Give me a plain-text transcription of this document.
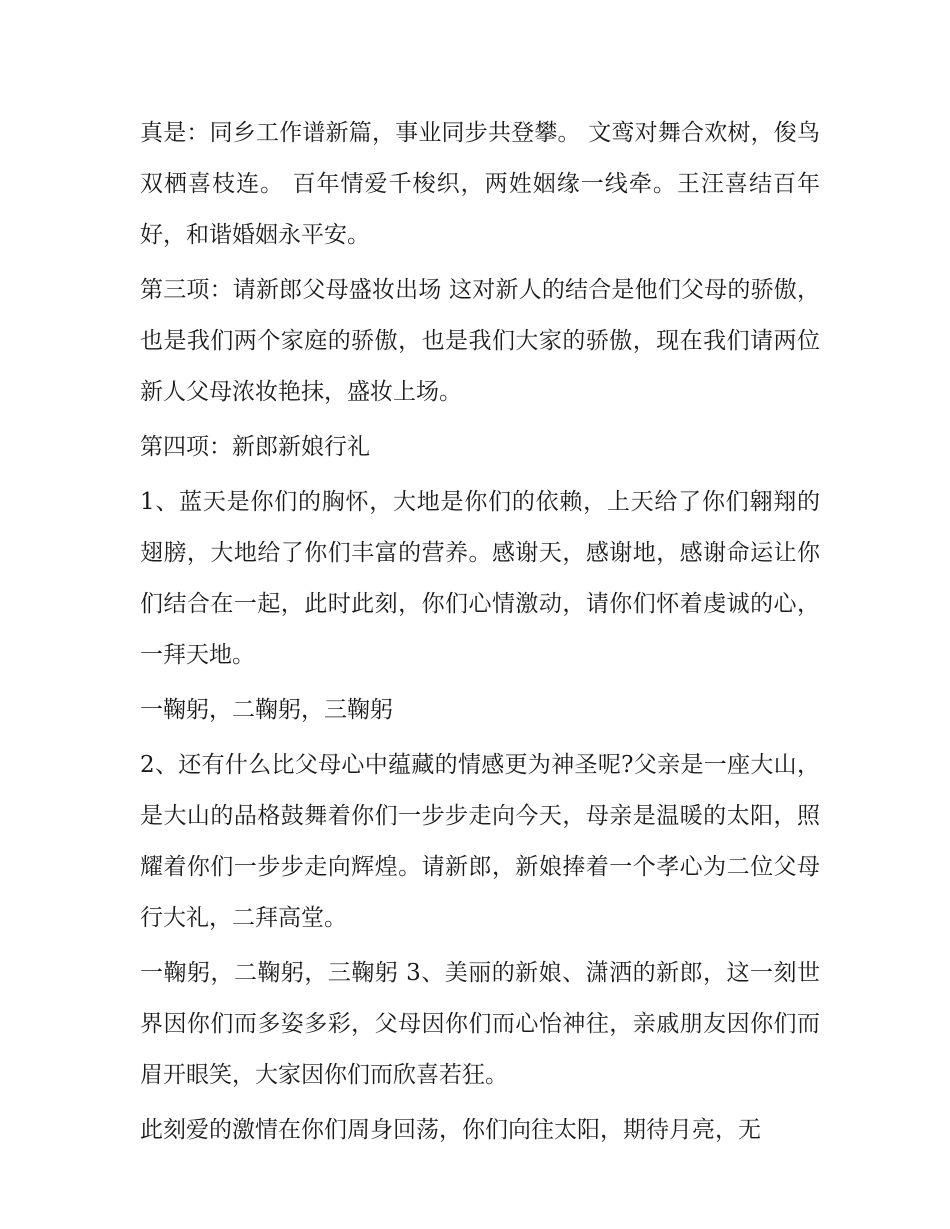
真是：同乡工作谱新篇，事业同步共登攀。 文鸾对舞合欢树，俊鸟双栖喜枝连。 百年情爱千梭织，两姓姻缘一线牵。王汪喜结百年好，和谐婚姻永平安。

第三项：请新郎父母盛妆出场 这对新人的结合是他们父母的骄傲，也是我们两个家庭的骄傲，也是我们大家的骄傲，现在我们请两位新人父母浓妆艳抹，盛妆上场。

第四项：新郎新娘行礼

1、蓝天是你们的胸怀，大地是你们的依赖，上天给了你们翱翔的翅膀，大地给了你们丰富的营养。感谢天，感谢地，感谢命运让你们结合在一起，此时此刻，你们心情激动，请你们怀着虔诚的心，一拜天地。

一鞠躬，二鞠躬，三鞠躬

2、还有什么比父母心中蕴藏的情感更为神圣呢?父亲是一座大山，是大山的品格鼓舞着你们一步步走向今天，母亲是温暖的太阳，照耀着你们一步步走向辉煌。请新郎，新娘捧着一个孝心为二位父母行大礼，二拜高堂。

一鞠躬，二鞠躬，三鞠躬 3、美丽的新娘、潇洒的新郎，这一刻世界因你们而多姿多彩，父母因你们而心怡神往，亲戚朋友因你们而眉开眼笑，大家因你们而欣喜若狂。

此刻爱的激情在你们周身回荡，你们向往太阳，期待月亮，无
